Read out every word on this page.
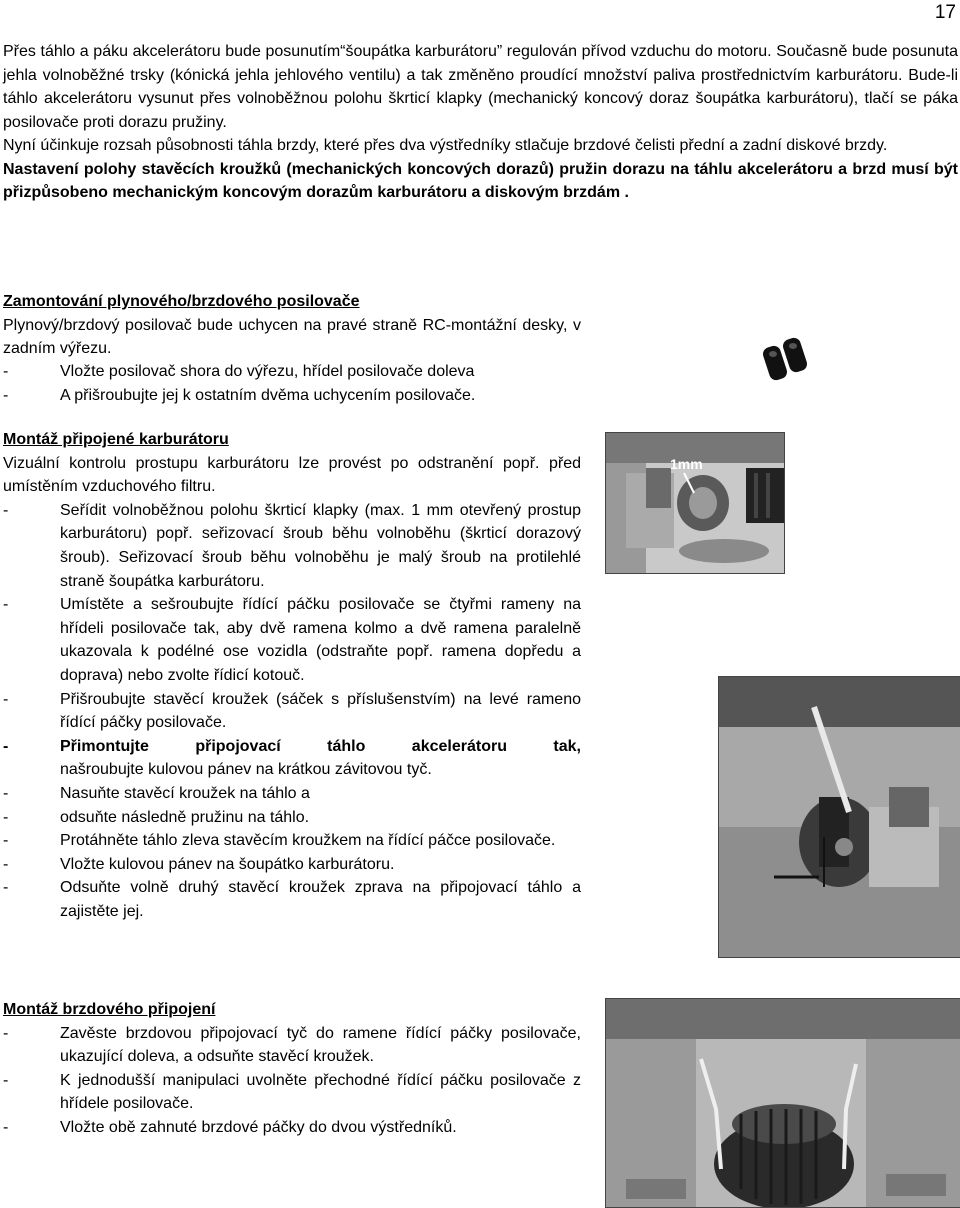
17

Přes táhlo a páku akcelerátoru bude posunutím“šoupátka karburátoru” regulován přívod vzduchu do motoru. Současně bude posunuta jehla volnoběžné trsky (kónická jehla jehlového ventilu) a tak změněno proudící množství paliva prostřednictvím karburátoru. Bude-li táhlo akcelerátoru vysunut přes volnoběžnou polohu škrticí klapky (mechanický koncový doraz šoupátka karburátoru), tlačí se páka posilovače proti dorazu pružiny.

Nyní účinkuje rozsah působnosti táhla brzdy, které přes dva výstředníky stlačuje brzdové čelisti přední a zadní diskové brzdy.

Nastavení polohy stavěcích kroužků (mechanických koncových dorazů) pružin dorazu na táhlu akcelerátoru a brzd musí být přizpůsobeno mechanickým koncovým dorazům karburátoru a diskovým brzdám .

Zamontování plynového/brzdového posilovače

Plynový/brzdový posilovač bude uchycen na pravé straně RC-montážní desky, v zadním výřezu.

-	Vložte posilovač shora do výřezu, hřídel posilovače doleva
-	A přišroubujte jej k ostatním dvěma uchycením posilovače.
Montáž připojené karburátoru

Vizuální kontrolu prostupu karburátoru lze provést po odstranění popř. před umístěním vzduchového filtru.

-	Seřídit volnoběžnou polohu škrticí klapky (max. 1 mm otevřený prostup karburátoru) popř. seřizovací šroub běhu volnoběhu (škrticí dorazový šroub). Seřizovací šroub běhu volnoběhu je malý šroub na protilehlé straně šoupátka karburátoru.
-	Umístěte a sešroubujte řídící páčku posilovače se čtyřmi rameny na hřídeli posilovače tak, aby dvě ramena kolmo a dvě ramena paralelně ukazovala k podélné ose vozidla (odstraňte popř. ramena dopředu a doprava) nebo zvolte řídicí kotouč.
-	Přišroubujte stavěcí kroužek (sáček s příslušenstvím) na levé rameno řídící páčky posilovače.
-	Přimontujte připojovací táhlo akcelerátoru tak,
našroubujte kulovou pánev na krátkou závitovou tyč.
-	Nasuňte stavěcí kroužek na táhlo a
-	odsuňte následně pružinu na táhlo.
-	Protáhněte táhlo zleva stavěcím kroužkem na řídící páčce posilovače.
-	Vložte kulovou pánev na šoupátko karburátoru.
-	Odsuňte volně druhý stavěcí kroužek zprava na připojovací táhlo a zajistěte jej.
Montáž brzdového připojení
-	Zavěste brzdovou připojovací tyč do ramene řídící páčky posilovače, ukazující doleva, a odsuňte stavěcí kroužek.
-	K jednodušší manipulaci uvolněte přechodné řídící páčku posilovače z hřídele posilovače.
-	Vložte obě zahnuté brzdové páčky do dvou výstředníků.
1mm
